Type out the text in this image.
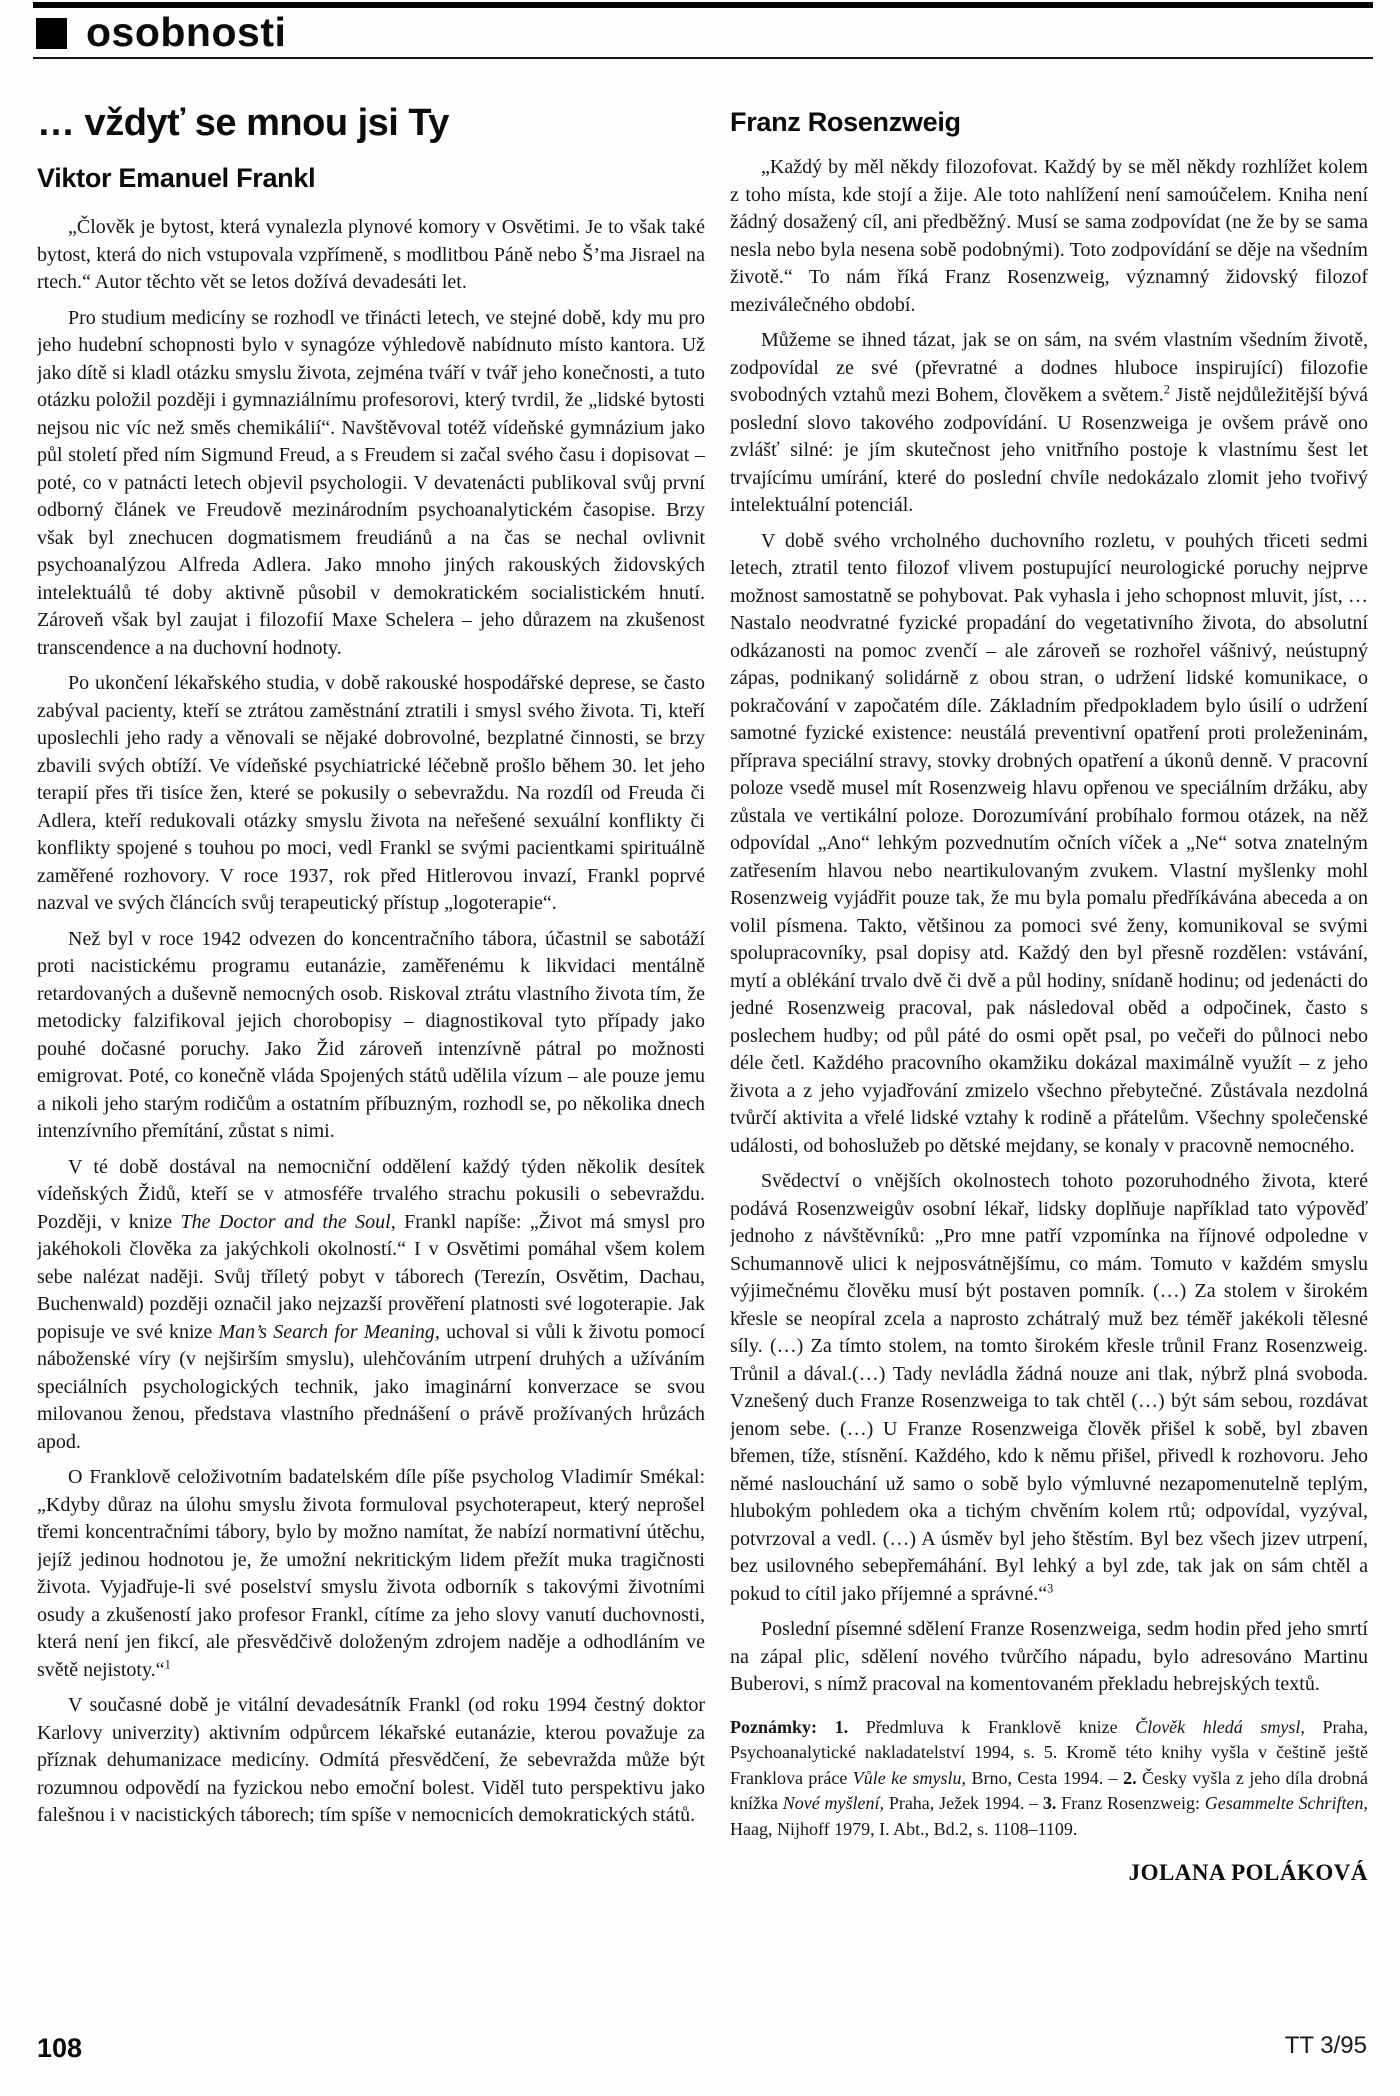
osobnosti
… vždyť se mnou jsi Ty
Viktor Emanuel Frankl

„Člověk je bytost, která vynalezla plynové komory v Osvětimi. Je to však také bytost, která do nich vstupovala vzpřímeně, s modlitbou Páně nebo Š’ma Jisrael na rtech.“ Autor těchto vět se letos dožívá devadesáti let.

Pro studium medicíny se rozhodl ve třinácti letech, ve stejné době, kdy mu pro jeho hudební schopnosti bylo v synagóze výhledově nabídnuto místo kantora. Už jako dítě si kladl otázku smyslu života, zejména tváří v tvář jeho konečnosti, a tuto otázku položil později i gymnaziálnímu profesorovi, který tvrdil, že „lidské bytosti nejsou nic víc než směs chemikálií“. Navštěvoval totéž vídeňské gymnázium jako půl století před ním Sigmund Freud, a s Freudem si začal svého času i dopisovat – poté, co v patnácti letech objevil psychologii. V devatenácti publikoval svůj první odborný článek ve Freudově mezinárodním psychoanalytickém časopise. Brzy však byl znechucen dogmatismem freudiánů a na čas se nechal ovlivnit psychoanalýzou Alfreda Adlera. Jako mnoho jiných rakouských židovských intelektuálů té doby aktivně působil v demokratickém socialistickém hnutí. Zároveň však byl zaujat i filozofií Maxe Schelera – jeho důrazem na zkušenost transcendence a na duchovní hodnoty.

Po ukončení lékařského studia, v době rakouské hospodářské deprese, se často zabýval pacienty, kteří se ztrátou zaměstnání ztratili i smysl svého života. Ti, kteří uposlechli jeho rady a věnovali se nějaké dobrovolné, bezplatné činnosti, se brzy zbavili svých obtíží. Ve vídeňské psychiatrické léčebně prošlo během 30. let jeho terapií přes tři tisíce žen, které se pokusily o sebevraždu. Na rozdíl od Freuda či Adlera, kteří redukovali otázky smyslu života na neřešené sexuální konflikty či konflikty spojené s touhou po moci, vedl Frankl se svými pacientkami spirituálně zaměřené rozhovory. V roce 1937, rok před Hitlerovou invazí, Frankl poprvé nazval ve svých článcích svůj terapeutický přístup „logoterapie“.

Než byl v roce 1942 odvezen do koncentračního tábora, účastnil se sabotáží proti nacistickému programu eutanázie, zaměřenému k likvidaci mentálně retardovaných a duševně nemocných osob. Riskoval ztrátu vlastního života tím, že metodicky falzifikoval jejich chorobopisy – diagnostikoval tyto případy jako pouhé dočasné poruchy. Jako Žid zároveň intenzívně pátral po možnosti emigrovat. Poté, co konečně vláda Spojených států udělila vízum – ale pouze jemu a nikoli jeho starým rodičům a ostatním příbuzným, rozhodl se, po několika dnech intenzívního přemítání, zůstat s nimi.

V té době dostával na nemocniční oddělení každý týden několik desítek vídeňských Židů, kteří se v atmosféře trvalého strachu pokusili o sebevraždu. Později, v knize The Doctor and the Soul, Frankl napíše: „Život má smysl pro jakéhokoli člověka za jakýchkoli okolností.“ I v Osvětimi pomáhal všem kolem sebe nalézat naději. Svůj tříletý pobyt v táborech (Terezín, Osvětim, Dachau, Buchenwald) později označil jako nejzazší prověření platnosti své logoterapie. Jak popisuje ve své knize Man’s Search for Meaning, uchoval si vůli k životu pomocí náboženské víry (v nejširším smyslu), ulehčováním utrpení druhých a užíváním speciálních psychologických technik, jako imaginární konverzace se svou milovanou ženou, představa vlastního přednášení o právě prožívaných hrůzách apod.

O Franklově celoživotním badatelském díle píše psycholog Vladimír Smékal: „Kdyby důraz na úlohu smyslu života formuloval psychoterapeut, který neprošel třemi koncentračními tábory, bylo by možno namítat, že nabízí normativní útěchu, jejíž jedinou hodnotou je, že umožní nekritickým lidem přežít muka tragičnosti života. Vyjadřuje-li své poselství smyslu života odborník s takovými životními osudy a zkušeností jako profesor Frankl, cítíme za jeho slovy vanutí duchovnosti, která není jen fikcí, ale přesvědčivě doloženým zdrojem naděje a odhodláním ve světě nejistoty.“$^1$

V současné době je vitální devadesátník Frankl (od roku 1994 čestný doktor Karlovy univerzity) aktivním odpůrcem lékařské eutanázie, kterou považuje za příznak dehumanizace medicíny. Odmítá přesvědčení, že sebevražda může být rozumnou odpovědí na fyzickou nebo emoční bolest. Viděl tuto perspektivu jako falešnou i v nacistických táborech; tím spíše v nemocnicích demokratických států.

Franz Rosenzweig

„Každý by měl někdy filozofovat. Každý by se měl někdy rozhlížet kolem z toho místa, kde stojí a žije. Ale toto nahlížení není samoúčelem. Kniha není žádný dosažený cíl, ani předběžný. Musí se sama zodpovídat (ne že by se sama nesla nebo byla nesena sobě podobnými). Toto zodpovídání se děje na všedním životě.“ To nám říká Franz Rosenzweig, významný židovský filozof meziválečného období.

Můžeme se ihned tázat, jak se on sám, na svém vlastním všedním životě, zodpovídal ze své (převratné a dodnes hluboce inspirující) filozofie svobodných vztahů mezi Bohem, člověkem a světem.$^2$ Jistě nejdůležitější bývá poslední slovo takového zodpovídání. U Rosenzweiga je ovšem právě ono zvlášť silné: je jím skutečnost jeho vnitřního postoje k vlastnímu šest let trvajícímu umírání, které do poslední chvíle nedokázalo zlomit jeho tvořivý intelektuální potenciál.

V době svého vrcholného duchovního rozletu, v pouhých třiceti sedmi letech, ztratil tento filozof vlivem postupující neurologické poruchy nejprve možnost samostatně se pohybovat. Pak vyhasla i jeho schopnost mluvit, jíst, … Nastalo neodvratné fyzické propadání do vegetativního života, do absolutní odkázanosti na pomoc zvenčí – ale zároveň se rozhořel vášnivý, neústupný zápas, podnikaný solidárně z obou stran, o udržení lidské komunikace, o pokračování v započatém díle. Základním předpokladem bylo úsilí o udržení samotné fyzické existence: neustálá preventivní opatření proti proleženinám, příprava speciální stravy, stovky drobných opatření a úkonů denně. V pracovní poloze vsedě musel mít Rosenzweig hlavu opřenou ve speciálním držáku, aby zůstala ve vertikální poloze. Dorozumívání probíhalo formou otázek, na něž odpovídal „Ano“ lehkým pozvednutím očních víček a „Ne“ sotva znatelným zatřesením hlavou nebo neartikulovaným zvukem. Vlastní myšlenky mohl Rosenzweig vyjádřit pouze tak, že mu byla pomalu předříkávána abeceda a on volil písmena. Takto, většinou za pomoci své ženy, komunikoval se svými spolupracovníky, psal dopisy atd. Každý den byl přesně rozdělen: vstávání, mytí a oblékání trvalo dvě či dvě a půl hodiny, snídaně hodinu; od jedenácti do jedné Rosenzweig pracoval, pak následoval oběd a odpočinek, často s poslechem hudby; od půl páté do osmi opět psal, po večeři do půlnoci nebo déle četl. Každého pracovního okamžiku dokázal maximálně využít – z jeho života a z jeho vyjadřování zmizelo všechno přebytečné. Zůstávala nezdolná tvůrčí aktivita a vřelé lidské vztahy k rodině a přátelům. Všechny společenské události, od bohoslužeb po dětské mejdany, se konaly v pracovně nemocného.

Svědectví o vnějších okolnostech tohoto pozoruhodného života, které podává Rosenzweigův osobní lékař, lidsky doplňuje například tato výpověď jednoho z návštěvníků: „Pro mne patří vzpomínka na říjnové odpoledne v Schumannově ulici k nejposvátnějšímu, co mám. Tomuto v každém smyslu výjimečnému člověku musí být postaven pomník. (…) Za stolem v širokém křesle se neopíral zcela a naprosto zchátralý muž bez téměř jakékoli tělesné síly. (…) Za tímto stolem, na tomto širokém křesle trůnil Franz Rosenzweig. Trůnil a dával.(…) Tady nevládla žádná nouze ani tlak, nýbrž plná svoboda. Vznešený duch Franze Rosenzweiga to tak chtěl (…) být sám sebou, rozdávat jenom sebe. (…) U Franze Rosenzweiga člověk přišel k sobě, byl zbaven břemen, tíže, stísnění. Každého, kdo k němu přišel, přivedl k rozhovoru. Jeho němé naslouchání už samo o sobě bylo výmluvné nezapomenutelně teplým, hlubokým pohledem oka a tichým chvěním kolem rtů; odpovídal, vyzýval, potvrzoval a vedl. (…) A úsměv byl jeho štěstím. Byl bez všech jizev utrpení, bez usilovného sebepřemáhání. Byl lehký a byl zde, tak jak on sám chtěl a pokud to cítil jako příjemné a správné.“$^3$

Poslední písemné sdělení Franze Rosenzweiga, sedm hodin před jeho smrtí na zápal plic, sdělení nového tvůrčího nápadu, bylo adresováno Martinu Buberovi, s nímž pracoval na komentovaném překladu hebrejských textů.

Poznámky: 1. Předmluva k Franklově knize Člověk hledá smysl, Praha, Psychoanalytické nakladatelství 1994, s. 5. Kromě této knihy vyšla v češtině ještě Franklova práce Vůle ke smyslu, Brno, Cesta 1994. – 2. Česky vyšla z jeho díla drobná knížka Nové myšlení, Praha, Ježek 1994. – 3. Franz Rosenzweig: Gesammelte Schriften, Haag, Nijhoff 1979, I. Abt., Bd.2, s. 1108–1109.

JOLANA POLÁKOVÁ

108	TT 3/95
